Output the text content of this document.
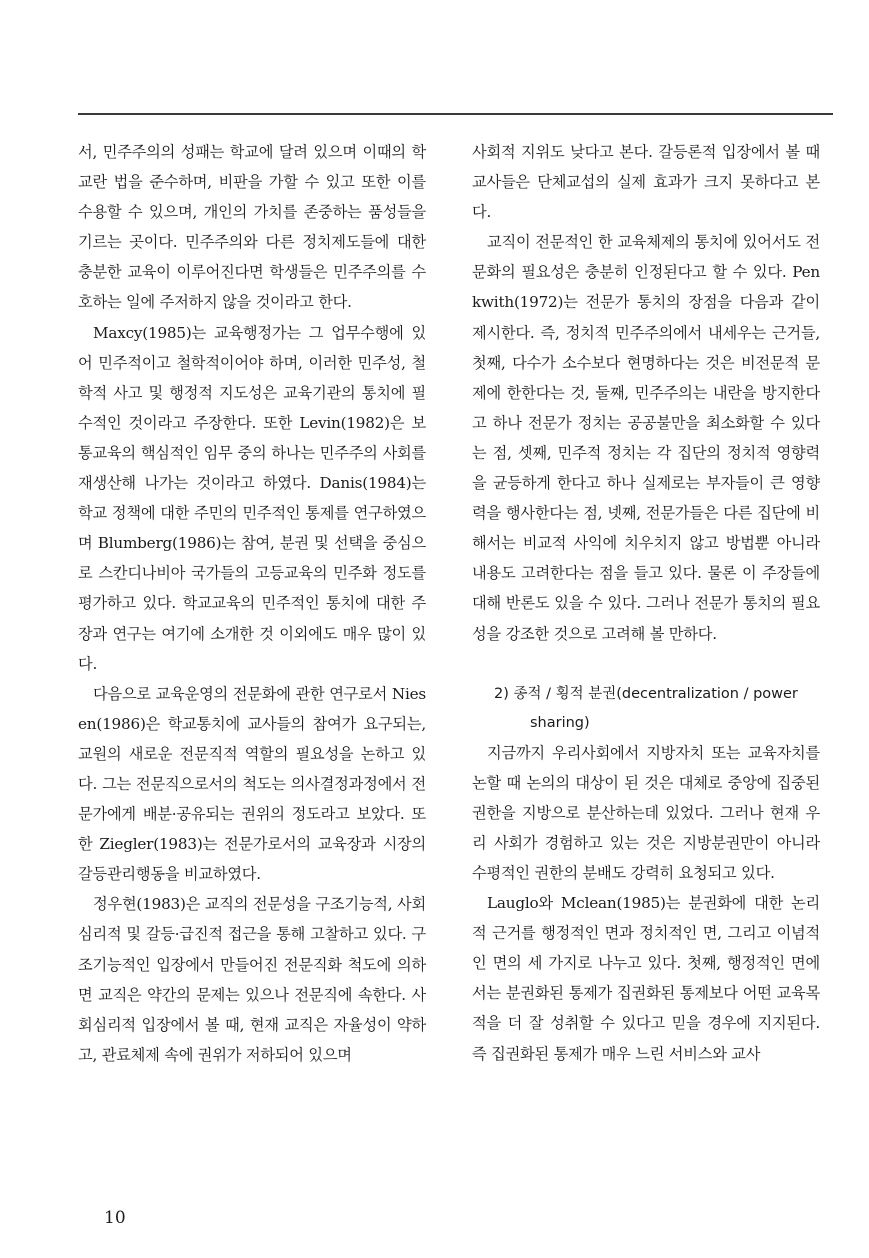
서, 민주주의의 성패는 학교에 달려 있으며 이때의 학교란 법을 준수하며, 비판을 가할 수 있고 또한 이를 수용할 수 있으며, 개인의 가치를 존중하는 품성들을 기르는 곳이다. 민주주의와 다른 정치제도들에 대한 충분한 교육이 이루어진다면 학생들은 민주주의를 수호하는 일에 주저하지 않을 것이라고 한다.

Maxcy(1985)는 교육행정가는 그 업무수행에 있어 민주적이고 철학적이어야 하며, 이러한 민주성, 철학적 사고 및 행정적 지도성은 교육기관의 통치에 필수적인 것이라고 주장한다. 또한 Levin(1982)은 보통교육의 핵심적인 임무 중의 하나는 민주주의 사회를 재생산해 나가는 것이라고 하였다. Danis(1984)는 학교 정책에 대한 주민의 민주적인 통제를 연구하였으며 Blumberg(1986)는 참여, 분권 및 선택을 중심으로 스칸디나비아 국가들의 고등교육의 민주화 정도를 평가하고 있다. 학교교육의 민주적인 통치에 대한 주장과 연구는 여기에 소개한 것 이외에도 매우 많이 있다.

다음으로 교육운영의 전문화에 관한 연구로서 Niesen(1986)은 학교통치에 교사들의 참여가 요구되는, 교원의 새로운 전문직적 역할의 필요성을 논하고 있다. 그는 전문직으로서의 척도는 의사결정과정에서 전문가에게 배분·공유되는 권위의 정도라고 보았다. 또한 Ziegler(1983)는 전문가로서의 교육장과 시장의 갈등관리행동을 비교하였다.

정우현(1983)은 교직의 전문성을 구조기능적, 사회심리적 및 갈등·급진적 접근을 통해 고찰하고 있다. 구조기능적인 입장에서 만들어진 전문직화 척도에 의하면 교직은 약간의 문제는 있으나 전문직에 속한다. 사회심리적 입장에서 볼 때, 현재 교직은 자율성이 약하고, 관료체제 속에 권위가 저하되어 있으며

사회적 지위도 낮다고 본다. 갈등론적 입장에서 볼 때 교사들은 단체교섭의 실제 효과가 크지 못하다고 본다.

교직이 전문적인 한 교육체제의 통치에 있어서도 전문화의 필요성은 충분히 인정된다고 할 수 있다. Penkwith(1972)는 전문가 통치의 장점을 다음과 같이 제시한다. 즉, 정치적 민주주의에서 내세우는 근거들, 첫째, 다수가 소수보다 현명하다는 것은 비전문적 문제에 한한다는 것, 둘째, 민주주의는 내란을 방지한다고 하나 전문가 정치는 공공불만을 최소화할 수 있다는 점, 셋째, 민주적 정치는 각 집단의 정치적 영향력을 균등하게 한다고 하나 실제로는 부자들이 큰 영향력을 행사한다는 점, 넷째, 전문가들은 다른 집단에 비해서는 비교적 사익에 치우치지 않고 방법뿐 아니라 내용도 고려한다는 점을 들고 있다. 물론 이 주장들에 대해 반론도 있을 수 있다. 그러나 전문가 통치의 필요성을 강조한 것으로 고려해 볼 만하다.

2) 종적 / 횡적 분권(decentralization / power
sharing)

지금까지 우리사회에서 지방자치 또는 교육자치를 논할 때 논의의 대상이 된 것은 대체로 중앙에 집중된 권한을 지방으로 분산하는데 있었다. 그러나 현재 우리 사회가 경험하고 있는 것은 지방분권만이 아니라 수평적인 권한의 분배도 강력히 요청되고 있다.

Lauglo와 Mclean(1985)는 분권화에 대한 논리적 근거를 행정적인 면과 정치적인 면, 그리고 이념적인 면의 세 가지로 나누고 있다. 첫째, 행정적인 면에서는 분권화된 통제가 집권화된 통제보다 어떤 교육목적을 더 잘 성취할 수 있다고 믿을 경우에 지지된다. 즉 집권화된 통제가 매우 느린 서비스와 교사

10
